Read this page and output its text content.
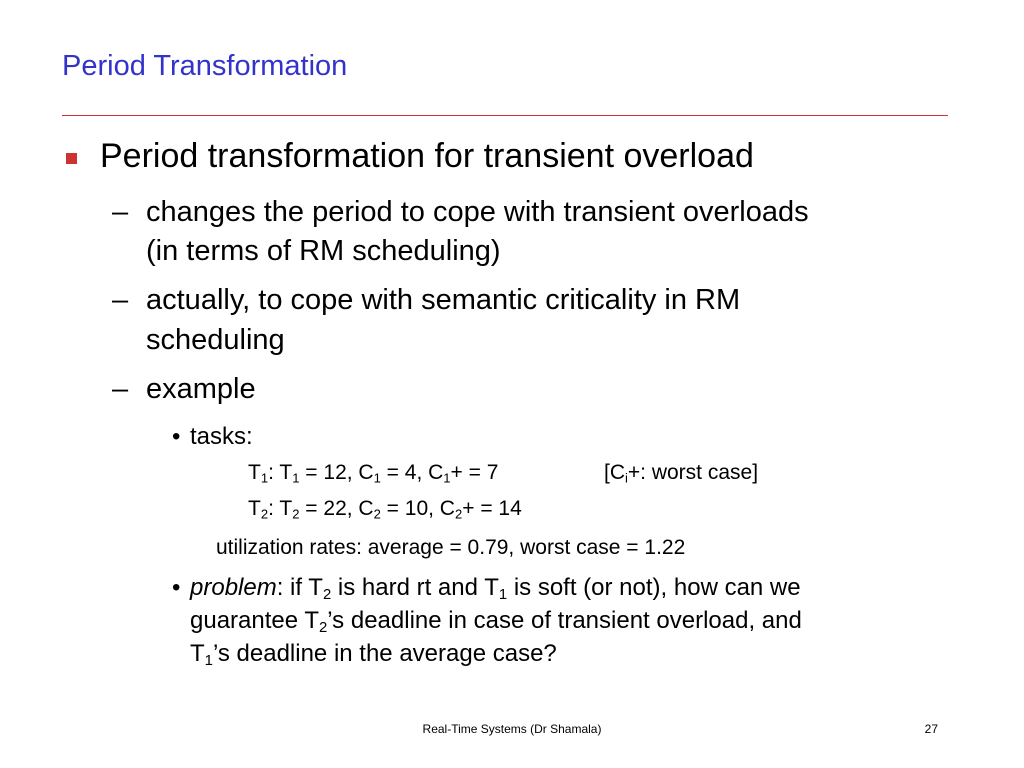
Period Transformation
Period transformation for transient overload
– changes the period to cope with transient overloads
(in terms of RM scheduling)
– actually, to cope with semantic criticality in RM
scheduling
– example
• tasks:
$T_1$: $T_1 = 12$, $C_1 = 4$, $C_1+ = 7$	[$C_i+$: worst case]
$T_2$: $T_2 = 22$, $C_2 = 10$, $C_2+ = 14$
utilization rates: average = 0.79, worst case = 1.22
• problem: if $T_2$ is hard rt and $T_1$ is soft (or not), how can we
guarantee $T_2’s$ deadline in case of transient overload, and
$T_1’s$ deadline in the average case?
Real-Time Systems (Dr Shamala)	27
